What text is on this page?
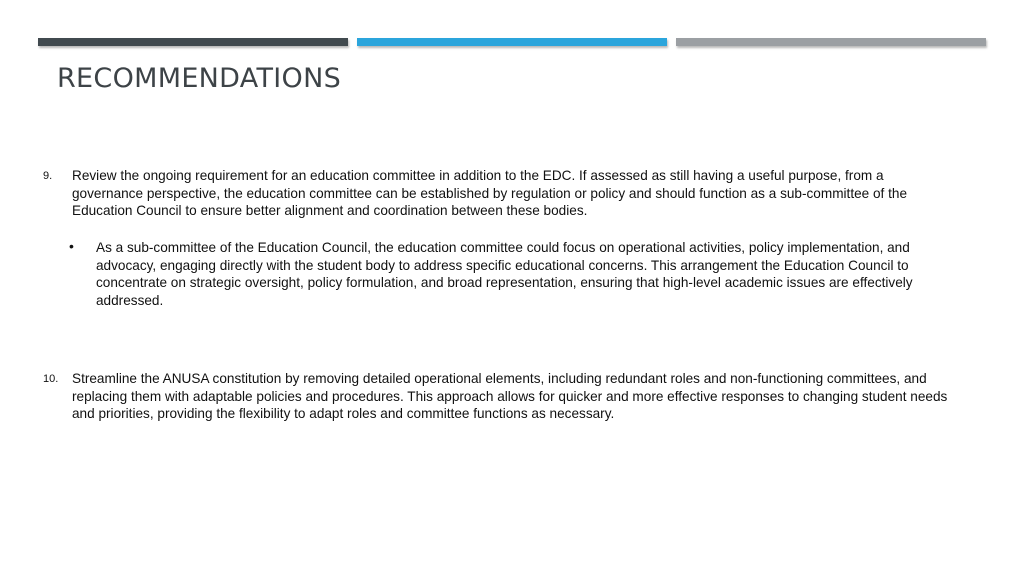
RECOMMENDATIONS
9. Review the ongoing requirement for an education committee in addition to the EDC. If assessed as still having a useful purpose, from a governance perspective, the education committee can be established by regulation or policy and should function as a sub-committee of the Education Council to ensure better alignment and coordination between these bodies.
• As a sub-committee of the Education Council, the education committee could focus on operational activities, policy implementation, and advocacy, engaging directly with the student body to address specific educational concerns. This arrangement the Education Council to concentrate on strategic oversight, policy formulation, and broad representation, ensuring that high-level academic issues are effectively addressed.
10. Streamline the ANUSA constitution by removing detailed operational elements, including redundant roles and non-functioning committees, and replacing them with adaptable policies and procedures. This approach allows for quicker and more effective responses to changing student needs and priorities, providing the flexibility to adapt roles and committee functions as necessary.
